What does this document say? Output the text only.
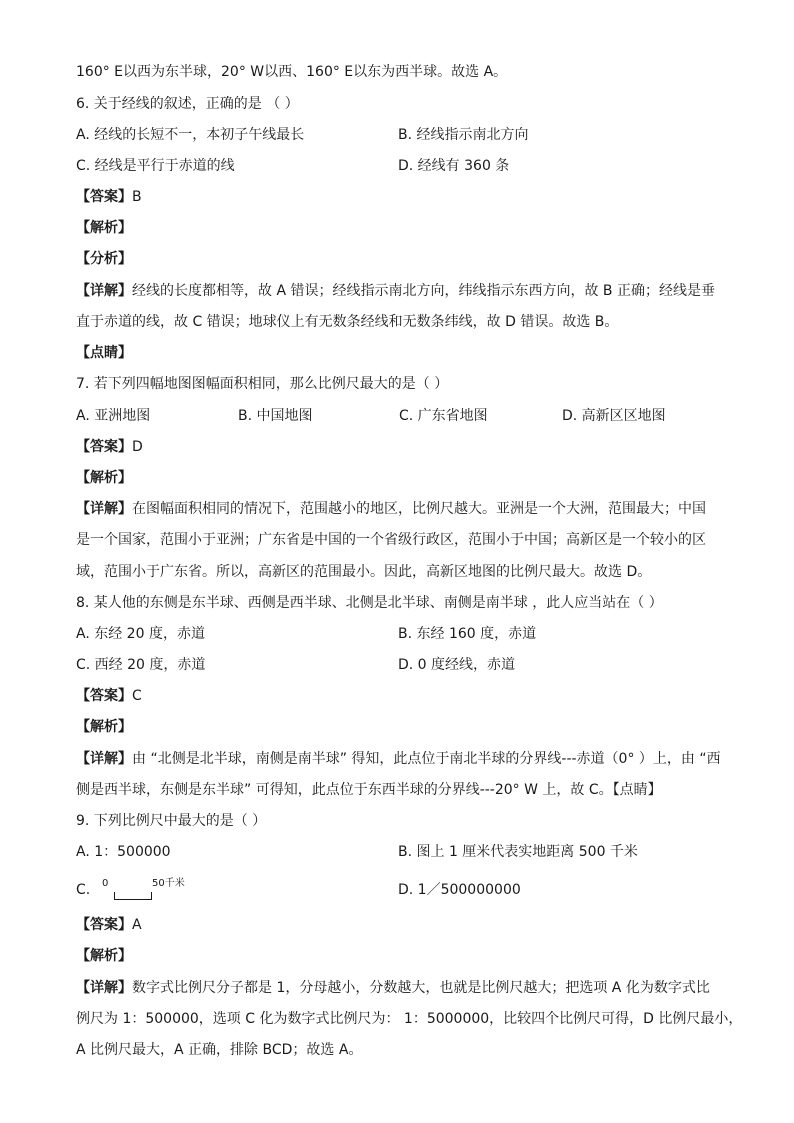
160° E以西为东半球，20° W以西、160° E以东为西半球。故选 A。
6. 关于经线的叙述，正确的是 （ ）
A. 经线的长短不一，本初子午线最长	B. 经线指示南北方向
C. 经线是平行于赤道的线	D. 经线有 360 条
【答案】B
【解析】
【分析】
【详解】经线的长度都相等，故 A 错误；经线指示南北方向，纬线指示东西方向，故 B 正确；经线是垂
直于赤道的线，故 C 错误；地球仪上有无数条经线和无数条纬线，故 D 错误。故选 B。
【点睛】
7. 若下列四幅地图图幅面积相同，那么比例尺最大的是（ ）
A. 亚洲地图	B. 中国地图	C. 广东省地图	D. 高新区区地图
【答案】D
【解析】
【详解】在图幅面积相同的情况下，范围越小的地区，比例尺越大。亚洲是一个大洲，范围最大；中国
是一个国家，范围小于亚洲；广东省是中国的一个省级行政区，范围小于中国；高新区是一个较小的区
域，范围小于广东省。所以，高新区的范围最小。因此，高新区地图的比例尺最大。故选 D。
8. 某人他的东侧是东半球、西侧是西半球、北侧是北半球、南侧是南半球 ，此人应当站在（ ）
A. 东经 20 度，赤道	B. 东经 160 度，赤道
C. 西经 20 度，赤道	D. 0 度经线，赤道
【答案】C
【解析】
【详解】由 “北侧是北半球，南侧是南半球” 得知，此点位于南北半球的分界线---赤道（0° ）上，由 “西
侧是西半球，东侧是东半球” 可得知，此点位于东西半球的分界线---20° W 上，故 C。【点睛】
9. 下列比例尺中最大的是（ ）
A. 1：500000	B. 图上 1 厘米代表实地距离 500 千米
C. 0	50千米	D. 1／500000000
【答案】A
【解析】
【详解】数字式比例尺分子都是 1，分母越小，分数越大，也就是比例尺越大；把选项 A 化为数字式比
例尺为 1：500000，选项 C 化为数字式比例尺为： 1：5000000，比较四个比例尺可得，D 比例尺最小，
A 比例尺最大，A 正确，排除 BCD；故选 A。
